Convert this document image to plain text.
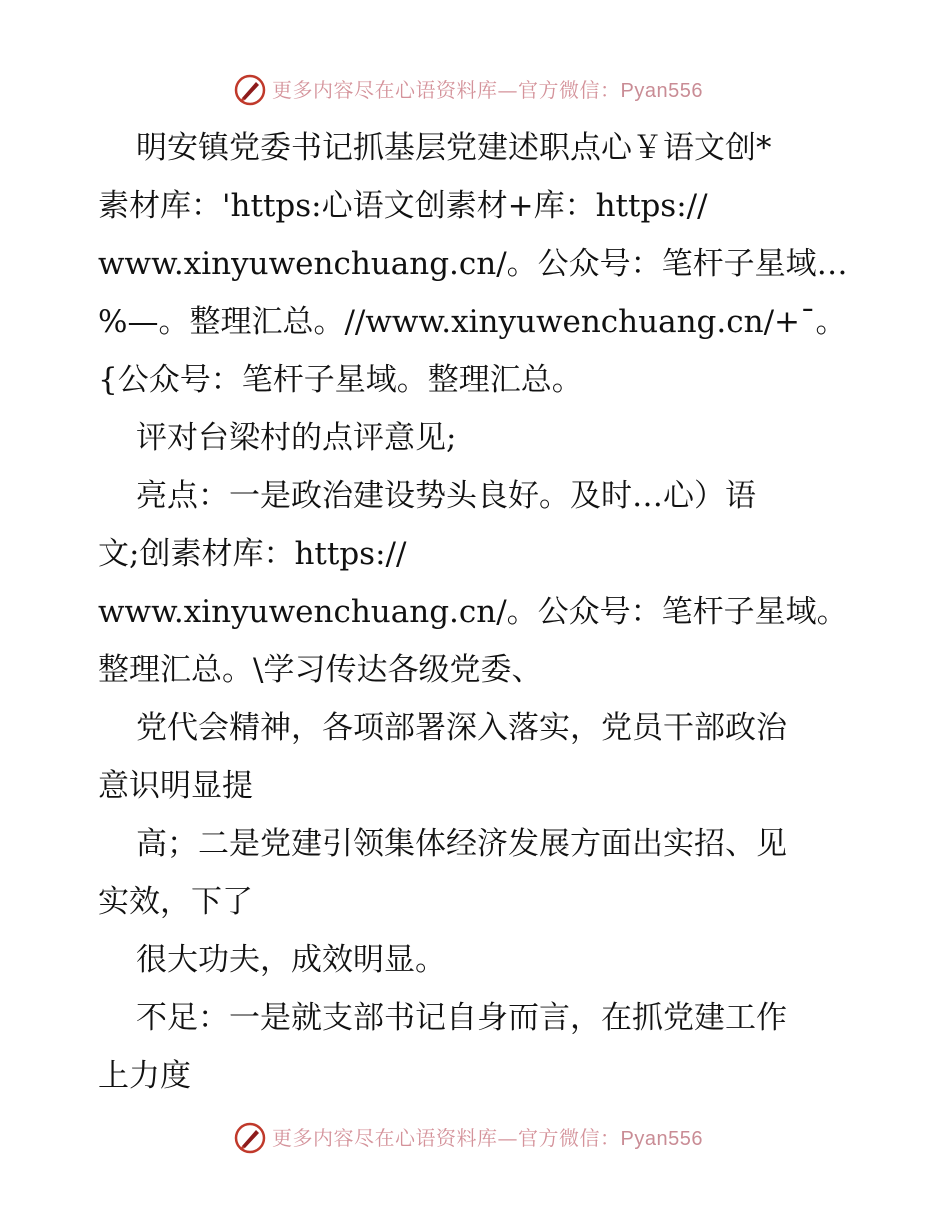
更多内容尽在心语资料库—官方微信：Pyan556
明安镇党委书记抓基层党建述职点心￥语文创*
素材库：'https:心语文创素材+库：https://
www.xinyuwenchuang.cn/。公众号：笔杆子星域…
%—。整理汇总。//www.xinyuwenchuang.cn/+¯。
{公众号：笔杆子星域。整理汇总。
评对台梁村的点评意见;
亮点：一是政治建设势头良好。及时…心）语
文;创素材库：https://
www.xinyuwenchuang.cn/。公众号：笔杆子星域。
整理汇总。\学习传达各级党委、
党代会精神，各项部署深入落实，党员干部政治
意识明显提
高；二是党建引领集体经济发展方面出实招、见
实效，下了
很大功夫，成效明显。
不足：一是就支部书记自身而言，在抓党建工作
上力度
更多内容尽在心语资料库—官方微信：Pyan556
